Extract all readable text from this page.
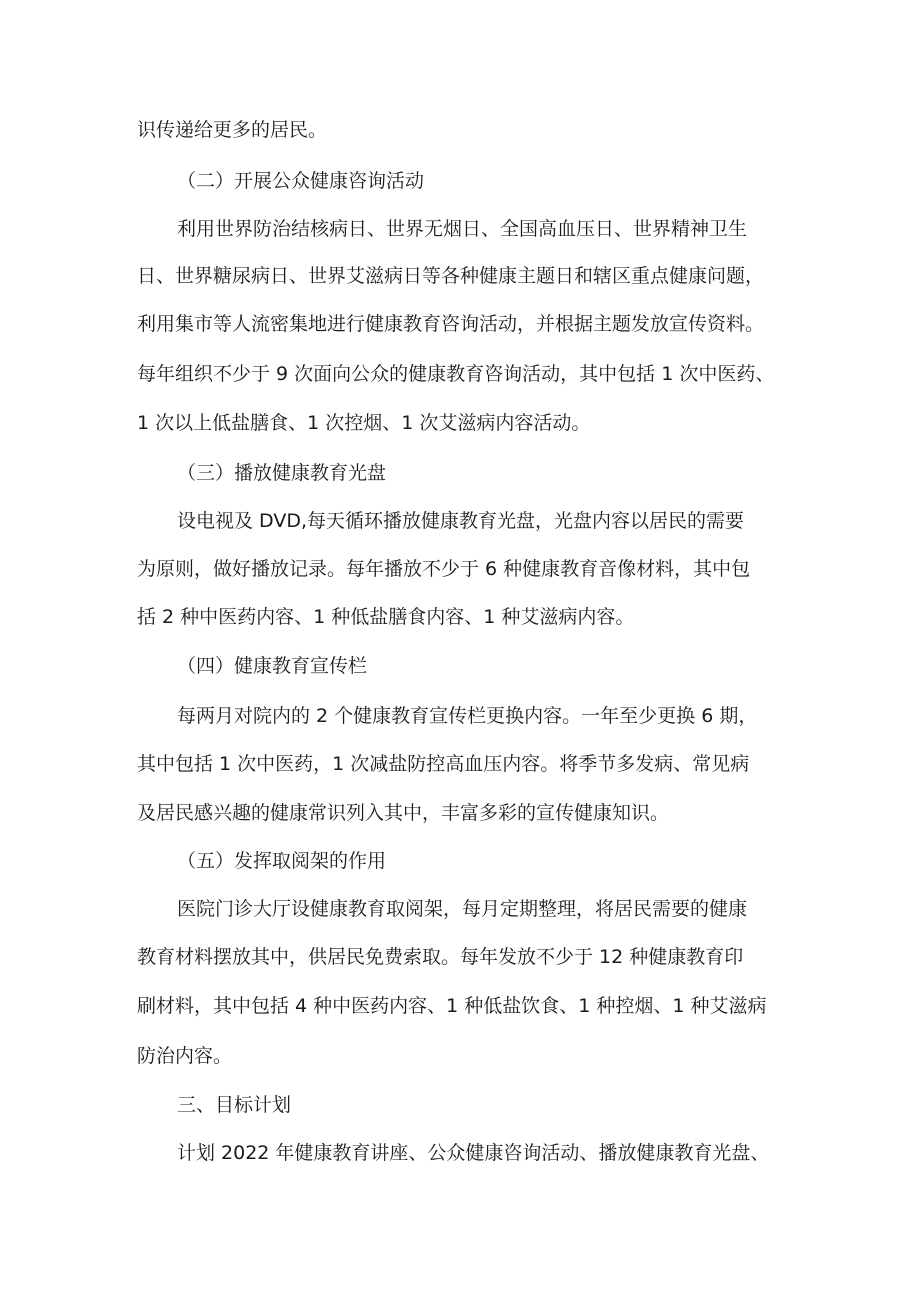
识传递给更多的居民。

（二）开展公众健康咨询活动

利用世界防治结核病日、世界无烟日、全国高血压日、世界精神卫生

日、世界糖尿病日、世界艾滋病日等各种健康主题日和辖区重点健康问题，

利用集市等人流密集地进行健康教育咨询活动，并根据主题发放宣传资料。

每年组织不少于 9 次面向公众的健康教育咨询活动，其中包括 1 次中医药、

1 次以上低盐膳食、1 次控烟、1 次艾滋病内容活动。

（三）播放健康教育光盘

设电视及 DVD,每天循环播放健康教育光盘，光盘内容以居民的需要

为原则，做好播放记录。每年播放不少于 6 种健康教育音像材料，其中包

括 2 种中医药内容、1 种低盐膳食内容、1 种艾滋病内容。

（四）健康教育宣传栏

每两月对院内的 2 个健康教育宣传栏更换内容。一年至少更换 6 期，

其中包括 1 次中医药，1 次减盐防控高血压内容。将季节多发病、常见病

及居民感兴趣的健康常识列入其中，丰富多彩的宣传健康知识。

（五）发挥取阅架的作用

医院门诊大厅设健康教育取阅架，每月定期整理，将居民需要的健康

教育材料摆放其中，供居民免费索取。每年发放不少于 12 种健康教育印

刷材料，其中包括 4 种中医药内容、1 种低盐饮食、1 种控烟、1 种艾滋病

防治内容。

三、目标计划

计划 2022 年健康教育讲座、公众健康咨询活动、播放健康教育光盘、
